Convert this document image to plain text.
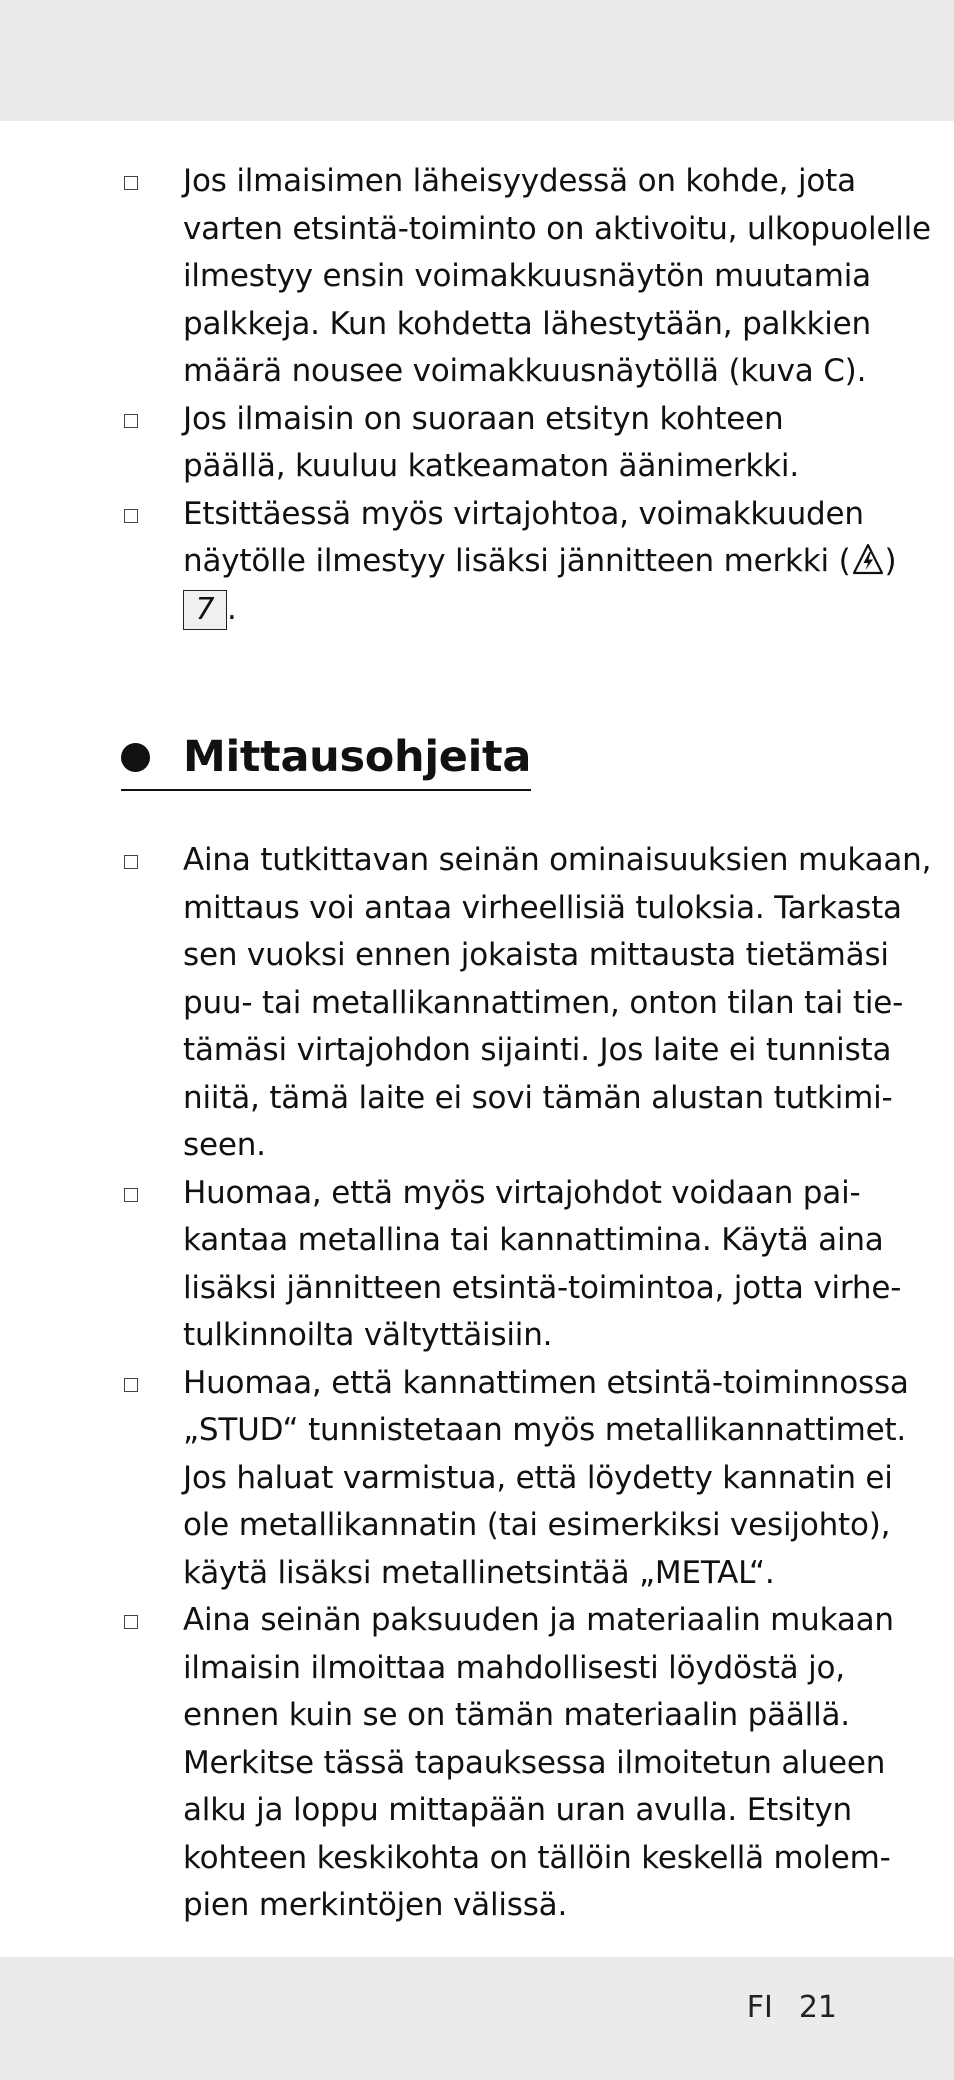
Jos ilmaisimen läheisyydessä on kohde, jota
varten etsintä-toiminto on aktivoitu, ulkopuolelle
ilmestyy ensin voimakkuusnäytön muutamia
palkkeja. Kun kohdetta lähestytään, palkkien
määrä nousee voimakkuusnäytöllä (kuva C).
Jos ilmaisin on suoraan etsityn kohteen
päällä, kuuluu katkeamaton äänimerkki.
Etsittäessä myös virtajohtoa, voimakkuuden
näytölle ilmestyy lisäksi jännitteen merkki ( )
7 .
Mittausohjeita
Aina tutkittavan seinän ominaisuuksien mukaan,
mittaus voi antaa virheellisiä tuloksia. Tarkasta
sen vuoksi ennen jokaista mittausta tietämäsi
puu- tai metallikannattimen, onton tilan tai tie-
tämäsi virtajohdon sijainti. Jos laite ei tunnista
niitä, tämä laite ei sovi tämän alustan tutkimi-
seen.
Huomaa, että myös virtajohdot voidaan pai-
kantaa metallina tai kannattimina. Käytä aina
lisäksi jännitteen etsintä-toimintoa, jotta virhe-
tulkinnoilta vältyttäisiin.
Huomaa, että kannattimen etsintä-toiminnossa
„STUD“ tunnistetaan myös metallikannattimet.
Jos haluat varmistua, että löydetty kannatin ei
ole metallikannatin (tai esimerkiksi vesijohto),
käytä lisäksi metallinetsintää „METAL“.
Aina seinän paksuuden ja materiaalin mukaan
ilmaisin ilmoittaa mahdollisesti löydöstä jo,
ennen kuin se on tämän materiaalin päällä.
Merkitse tässä tapauksessa ilmoitetun alueen
alku ja loppu mittapään uran avulla. Etsityn
kohteen keskikohta on tällöin keskellä molem-
pien merkintöjen välissä.
FI 21
